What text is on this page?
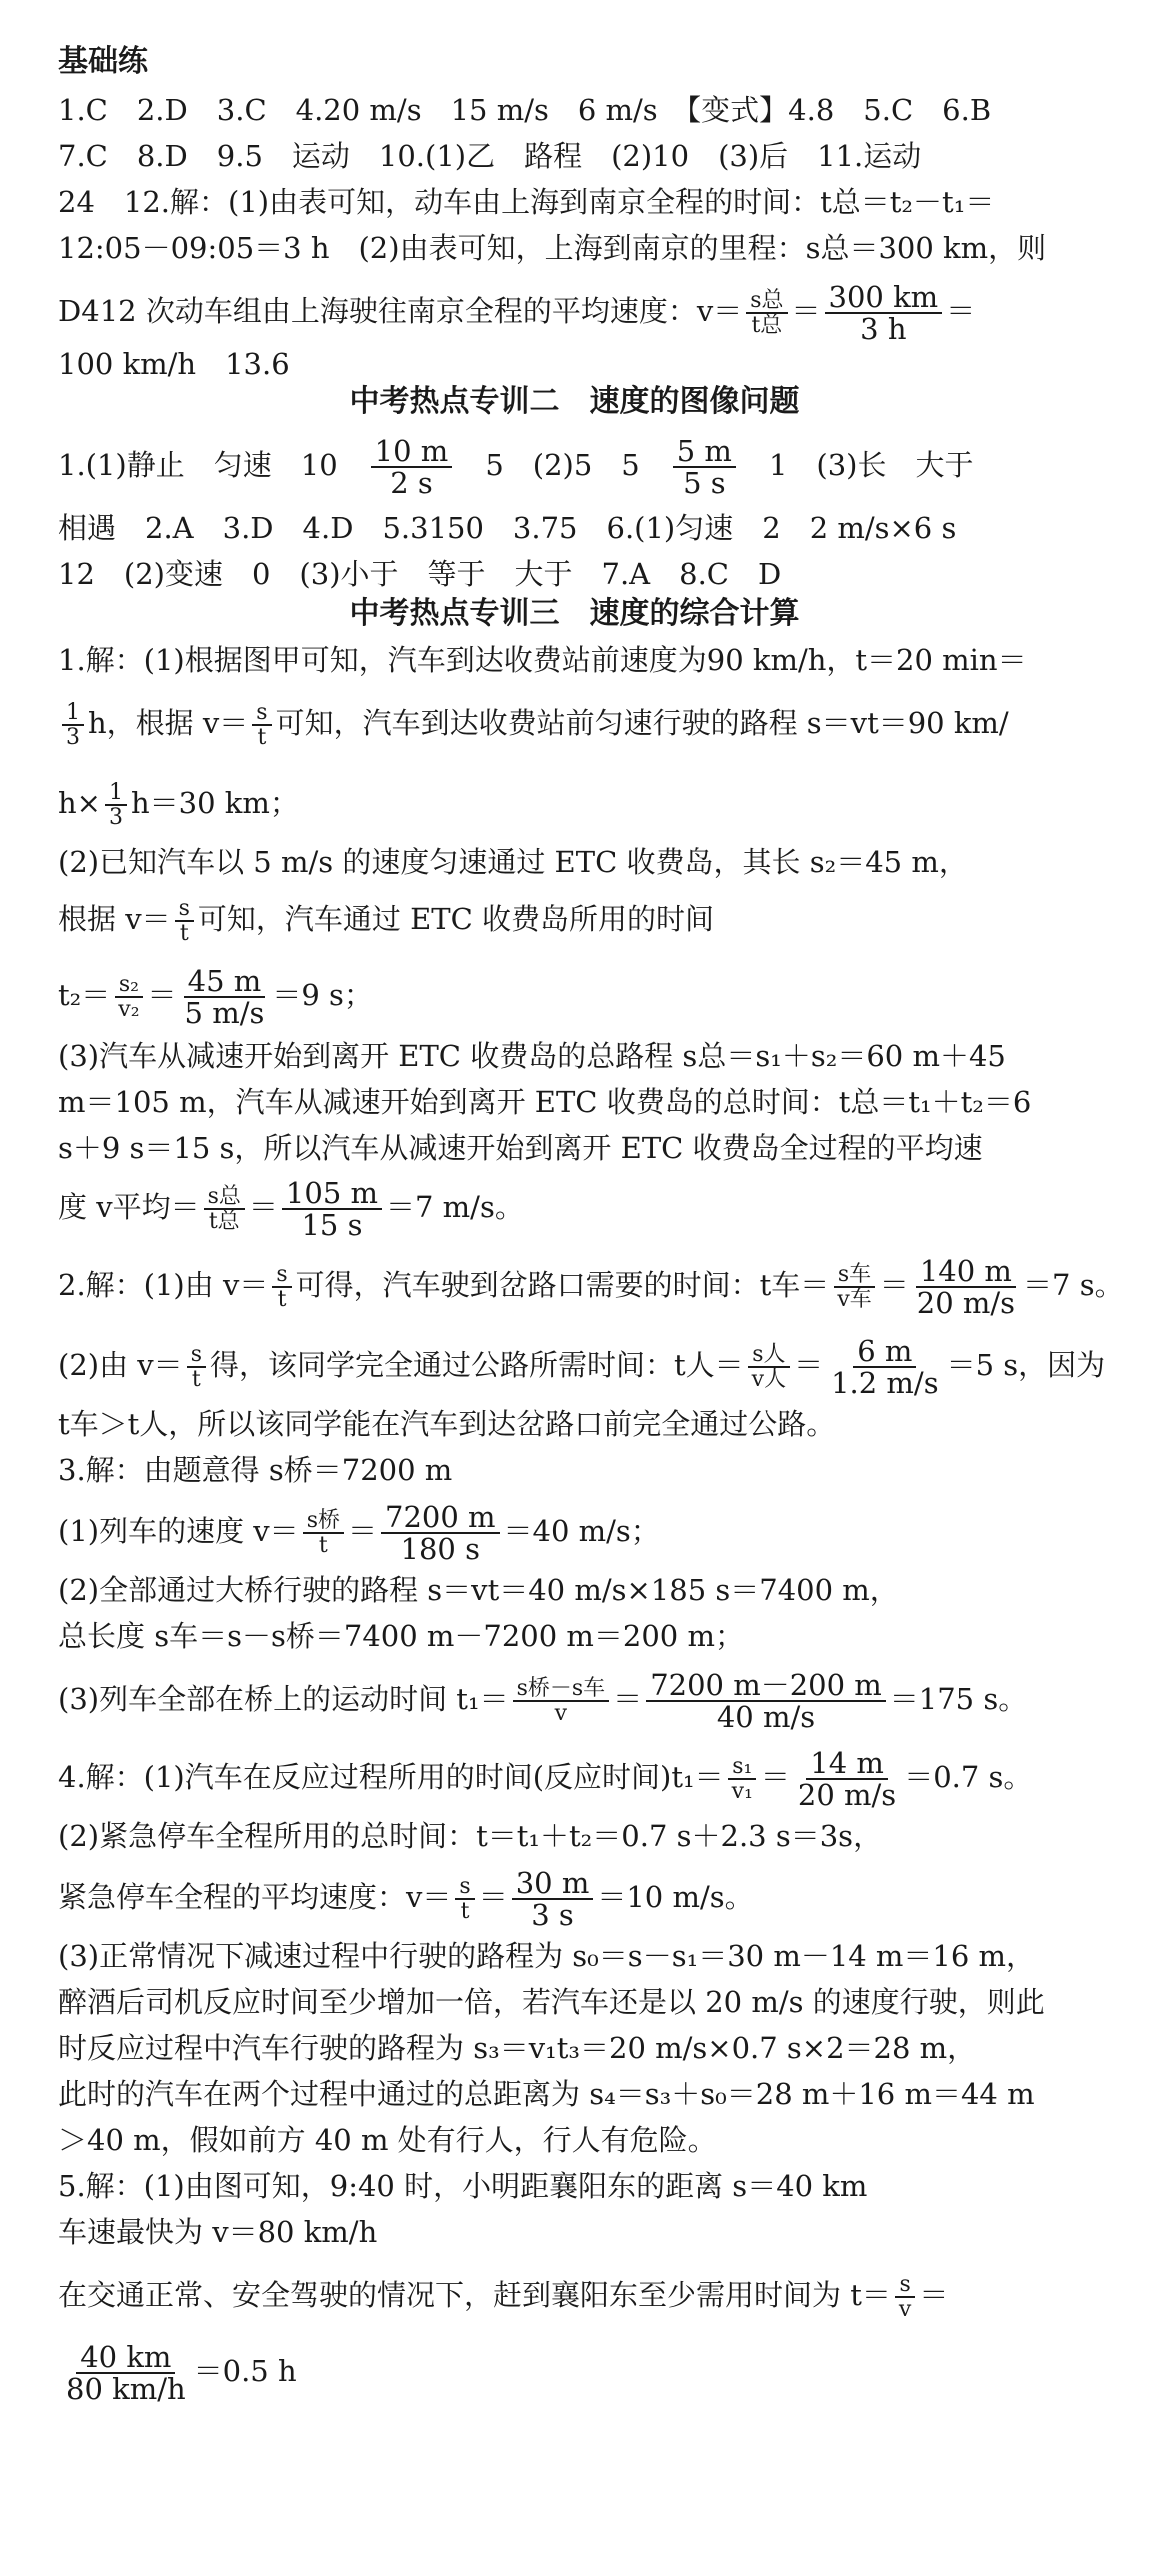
基础练
1.C　2.D　3.C　4.20 m/s　15 m/s　6 m/s　【变式】4.8　5.C　6.B
7.C　8.D　9.5　运动　10.(1)乙　路程　(2)10　(3)后　11.运动
24　12.解：(1)由表可知，动车由上海到南京全程的时间：t总＝t₂－t₁＝
12:05－09:05＝3 h　(2)由表可知，上海到南京的里程：s总＝300 km，则
D412 次动车组由上海驶往南京全程的平均速度：$v= \frac{\text{s总}}{\text{t总}} = \frac{300 km}{3 h}$ ＝
100 km/h　13.6
中考热点专训二　速度的图像问题
1.(1)静止　匀速　10　 $\frac{10 m}{2 s}$
　 5　(2)5　5　 $\frac{5 m}{5 s}$
　 1　(3)长　大于
相遇　2.A　3.D　4.D　5.3150　3.75　6.(1)匀速　2　2 m/s×6 s
12　(2)变速　0　(3)小于　等于　大于　7.A　8.C　D
中考热点专训三　速度的综合计算
1.解：(1)根据图甲可知，汽车到达收费站前速度为90 km/h，t＝20 min＝
$\frac{1}{3}$ h，根据 $v= \frac{s}{t}$ 可知，汽车到达收费站前匀速行驶的路程 s＝vt＝90 km/
$h\times \frac{1}{3} h=30$ km；
(2)已知汽车以 5 m/s 的速度匀速通过 ETC 收费岛，其长 s₂＝45 m，
根据 $v= \frac{s}{t}$ 可知，汽车通过 ETC 收费岛所用的时间
$t_2= \frac{\text{s₂}}{\text{v₂}} = \frac{45 m}{5 m/s} =9$ s；
(3)汽车从减速开始到离开 ETC 收费岛的总路程 s总＝s₁＋s₂＝60 m＋45
m＝105 m，汽车从减速开始到离开 ETC 收费岛的总时间：t总＝t₁＋t₂＝6
s＋9 s＝15 s，所以汽车从减速开始到离开 ETC 收费岛全过程的平均速
度 v平均＝ $\frac{\text{s总}}{\text{t总}} = \frac{105 m}{15 s} =7$ m/s。
2.解：(1)由 $v= \frac{s}{t}$ 可得，汽车驶到岔路口需要的时间：t车＝ $\frac{\text{s车}}{\text{v车}} = \frac{140 m}{20 m/s} =7$ s。
(2)由 $v= \frac{s}{t}$ 得，该同学完全通过公路所需时间：t人＝ $\frac{\text{s人}}{\text{v人}} = \frac{6 m}{1.2 m/s} =5$ s，因为
t车＞t人，所以该同学能在汽车到达岔路口前完全通过公路。
3.解：由题意得 s桥＝7200 m
(1)列车的速度 $v= \frac{\text{s桥}}{t} = \frac{7200 m}{180 s} =40$ m/s；
(2)全部通过大桥行驶的路程 s＝vt＝40 m/s×185 s＝7400 m，
总长度 s车＝s－s桥＝7400 m－7200 m＝200 m；
(3)列车全部在桥上的运动时间 $t_1= \frac{\text{s桥－s车}}{v} = \frac{7200 m-200 m}{40 m/s} =175$ s。
4.解：(1)汽车在反应过程所用的时间(反应时间)$t_1= \frac{\text{s₁}}{\text{v₁}} = \frac{14 m}{20 m/s} =0.7$ s。
(2)紧急停车全程所用的总时间：t＝t₁＋t₂＝0.7 s＋2.3 s＝3s，
紧急停车全程的平均速度：$v= \frac{s}{t} = \frac{30 m}{3 s} =10$ m/s。
(3)正常情况下减速过程中行驶的路程为 s₀＝s－s₁＝30 m－14 m＝16 m，
醉酒后司机反应时间至少增加一倍，若汽车还是以 20 m/s 的速度行驶，则此
时反应过程中汽车行驶的路程为 s₃＝v₁t₃＝20 m/s×0.7 s×2＝28 m，
此时的汽车在两个过程中通过的总距离为 s₄＝s₃＋s₀＝28 m＋16 m＝44 m
＞40 m，假如前方 40 m 处有行人，行人有危险。
5.解：(1)由图可知，9:40 时，小明距襄阳东的距离 s＝40 km
车速最快为 v＝80 km/h
在交通正常、安全驾驶的情况下，赶到襄阳东至少需用时间为 $t= \frac{s}{v}$ ＝
$\frac{40 km}{80 km/h} =0.5$ h
